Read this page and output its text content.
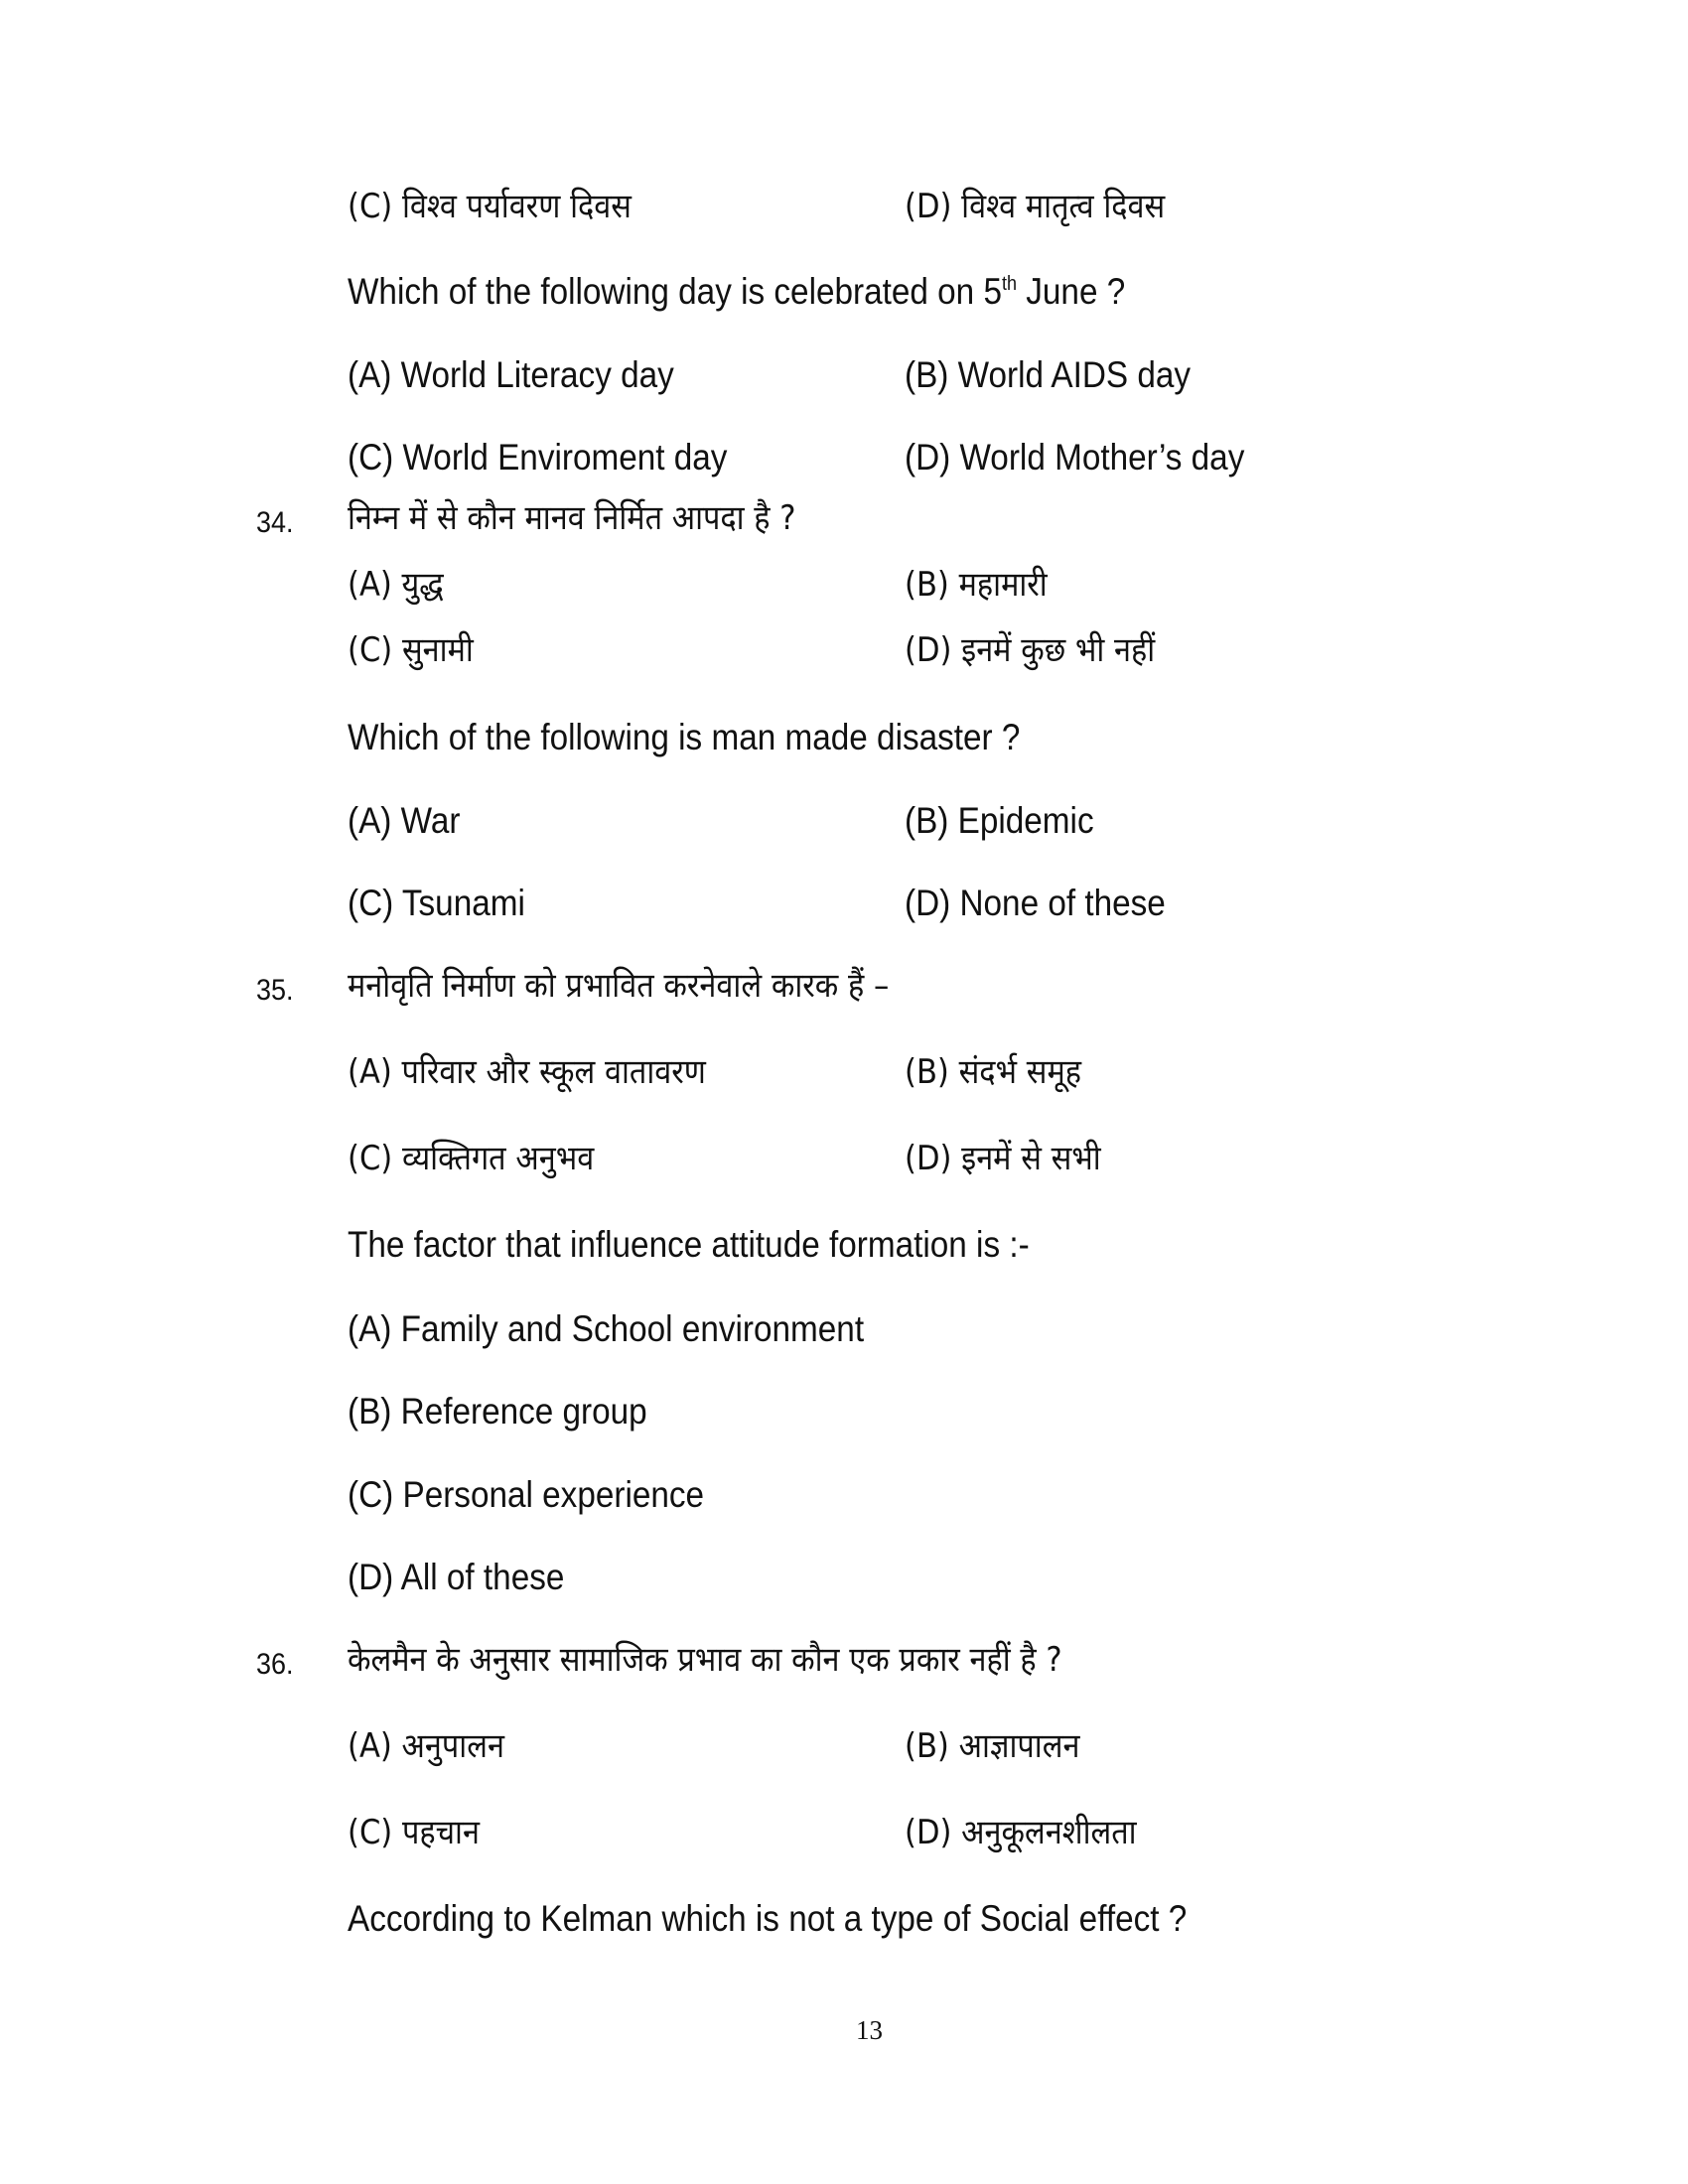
(C) विश्व पर्यावरण दिवस	(D) विश्व मातृत्व दिवस
Which of the following day is celebrated on 5th June ?
(A) World Literacy day	(B) World AIDS day
(C) World Enviroment day	(D) World Mother’s day
34. निम्न में से कौन मानव निर्मित आपदा है ?
(A) युद्ध	(B) महामारी
(C) सुनामी	(D) इनमें कुछ भी नहीं
Which of the following is man made disaster ?
(A) War	(B) Epidemic
(C) Tsunami	(D) None of these
35. मनोवृति निर्माण को प्रभावित करनेवाले कारक हैं –
(A) परिवार और स्कूल वातावरण	(B) संदर्भ समूह
(C) व्यक्तिगत अनुभव	(D) इनमें से सभी
The factor that influence attitude formation is :-
(A) Family and School environment
(B) Reference group
(C) Personal experience
(D) All of these
36. केलमैन के अनुसार सामाजिक प्रभाव का कौन एक प्रकार नहीं है ?
(A) अनुपालन	(B) आज्ञापालन
(C) पहचान	(D) अनुकूलनशीलता
According to Kelman which is not a type of Social effect ?
13
